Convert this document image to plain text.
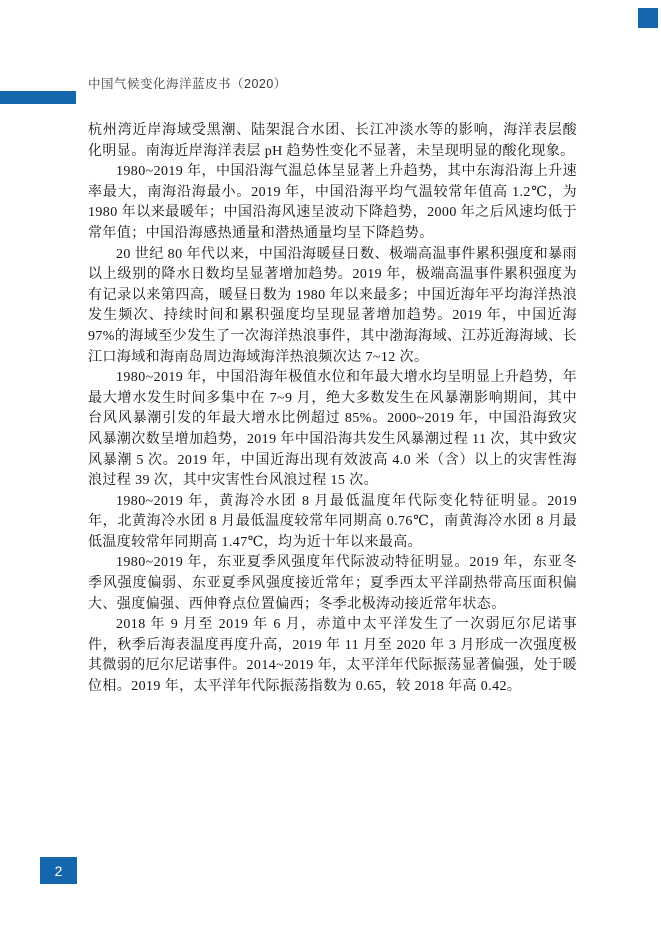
中国气候变化海洋蓝皮书（2020）

杭州湾近岸海域受黑潮、陆架混合水团、长江冲淡水等的影响，海洋表层酸化明显。南海近岸海洋表层 pH 趋势性变化不显著，未呈现明显的酸化现象。

1980~2019 年，中国沿海气温总体呈显著上升趋势，其中东海沿海上升速率最大，南海沿海最小。2019 年，中国沿海平均气温较常年值高 1.2℃，为 1980 年以来最暖年；中国沿海风速呈波动下降趋势，2000 年之后风速均低于常年值；中国沿海感热通量和潜热通量均呈下降趋势。

20 世纪 80 年代以来，中国沿海暖昼日数、极端高温事件累积强度和暴雨以上级别的降水日数均呈显著增加趋势。2019 年，极端高温事件累积强度为有记录以来第四高，暖昼日数为 1980 年以来最多；中国近海年平均海洋热浪发生频次、持续时间和累积强度均呈现显著增加趋势。2019 年，中国近海 97%的海域至少发生了一次海洋热浪事件，其中渤海海域、江苏近海海域、长江口海域和海南岛周边海域海洋热浪频次达 7~12 次。

1980~2019 年，中国沿海年极值水位和年最大增水均呈明显上升趋势，年最大增水发生时间多集中在 7~9 月，绝大多数发生在风暴潮影响期间，其中台风风暴潮引发的年最大增水比例超过 85%。2000~2019 年，中国沿海致灾风暴潮次数呈增加趋势，2019 年中国沿海共发生风暴潮过程 11 次，其中致灾风暴潮 5 次。2019 年，中国近海出现有效波高 4.0 米（含）以上的灾害性海浪过程 39 次，其中灾害性台风浪过程 15 次。

1980~2019 年，黄海冷水团 8 月最低温度年代际变化特征明显。2019 年，北黄海冷水团 8 月最低温度较常年同期高 0.76℃，南黄海冷水团 8 月最低温度较常年同期高 1.47℃，均为近十年以来最高。

1980~2019 年，东亚夏季风强度年代际波动特征明显。2019 年，东亚冬季风强度偏弱、东亚夏季风强度接近常年；夏季西太平洋副热带高压面积偏大、强度偏强、西伸脊点位置偏西；冬季北极涛动接近常年状态。

2018 年 9 月至 2019 年 6 月，赤道中太平洋发生了一次弱厄尔尼诺事件，秋季后海表温度再度升高，2019 年 11 月至 2020 年 3 月形成一次强度极其微弱的厄尔尼诺事件。2014~2019 年，太平洋年代际振荡显著偏强，处于暖位相。2019 年，太平洋年代际振荡指数为 0.65，较 2018 年高 0.42。

2
